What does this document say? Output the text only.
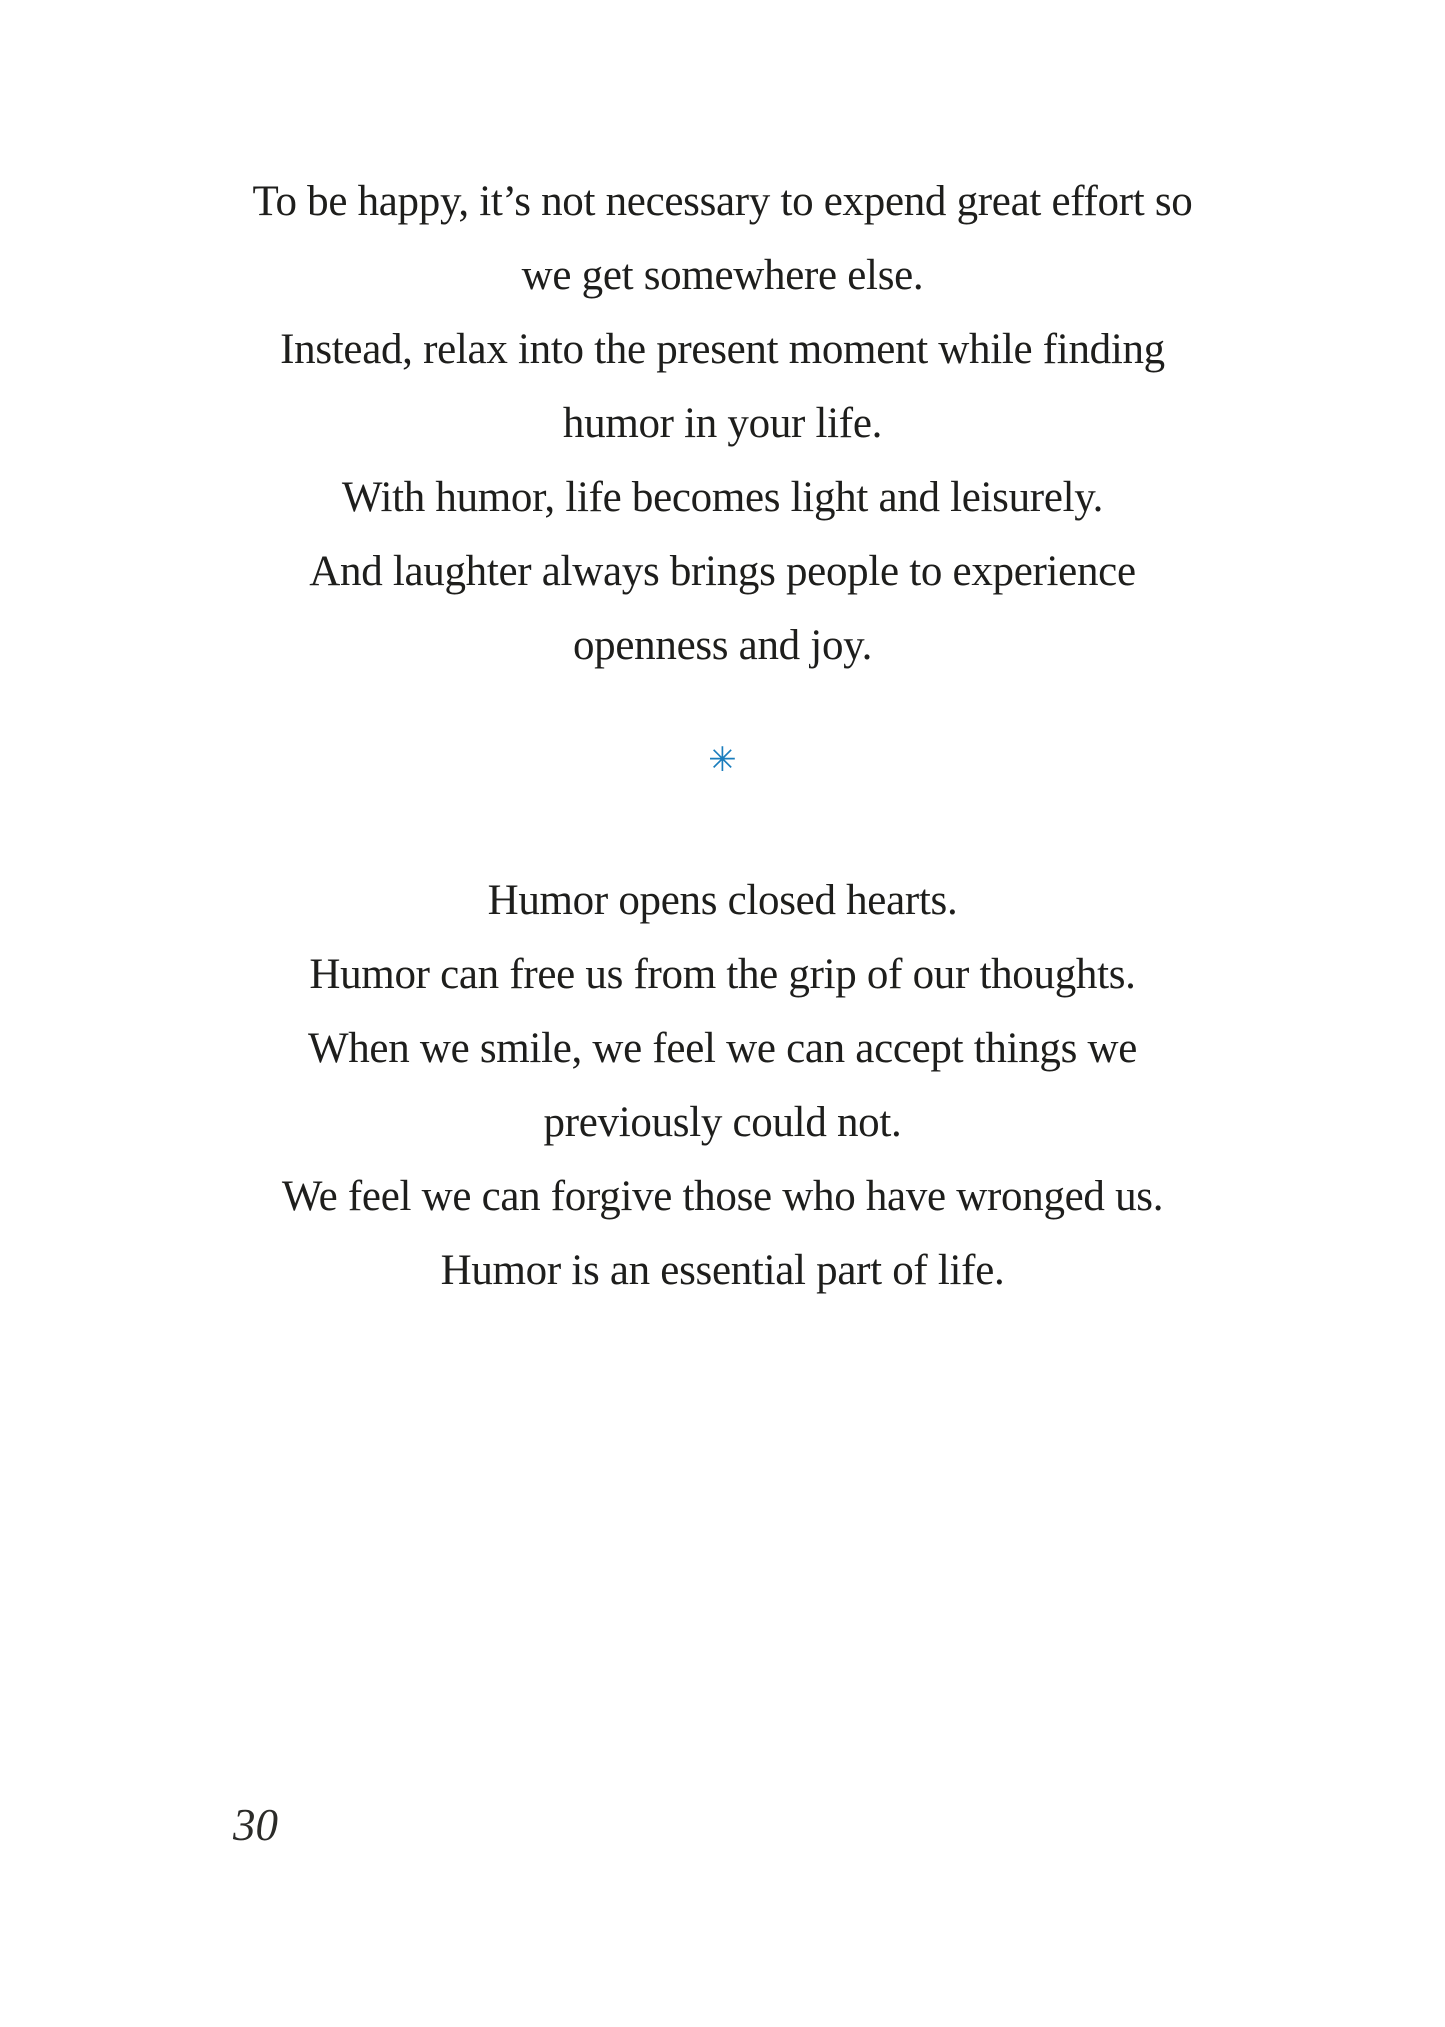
To be happy, it’s not necessary to expend great effort so
we get somewhere else.
Instead, relax into the present moment while finding
humor in your life.
With humor, life becomes light and leisurely.
And laughter always brings people to experience
openness and joy.
✳
Humor opens closed hearts.
Humor can free us from the grip of our thoughts.
When we smile, we feel we can accept things we
previously could not.
We feel we can forgive those who have wronged us.
Humor is an essential part of life.
30
